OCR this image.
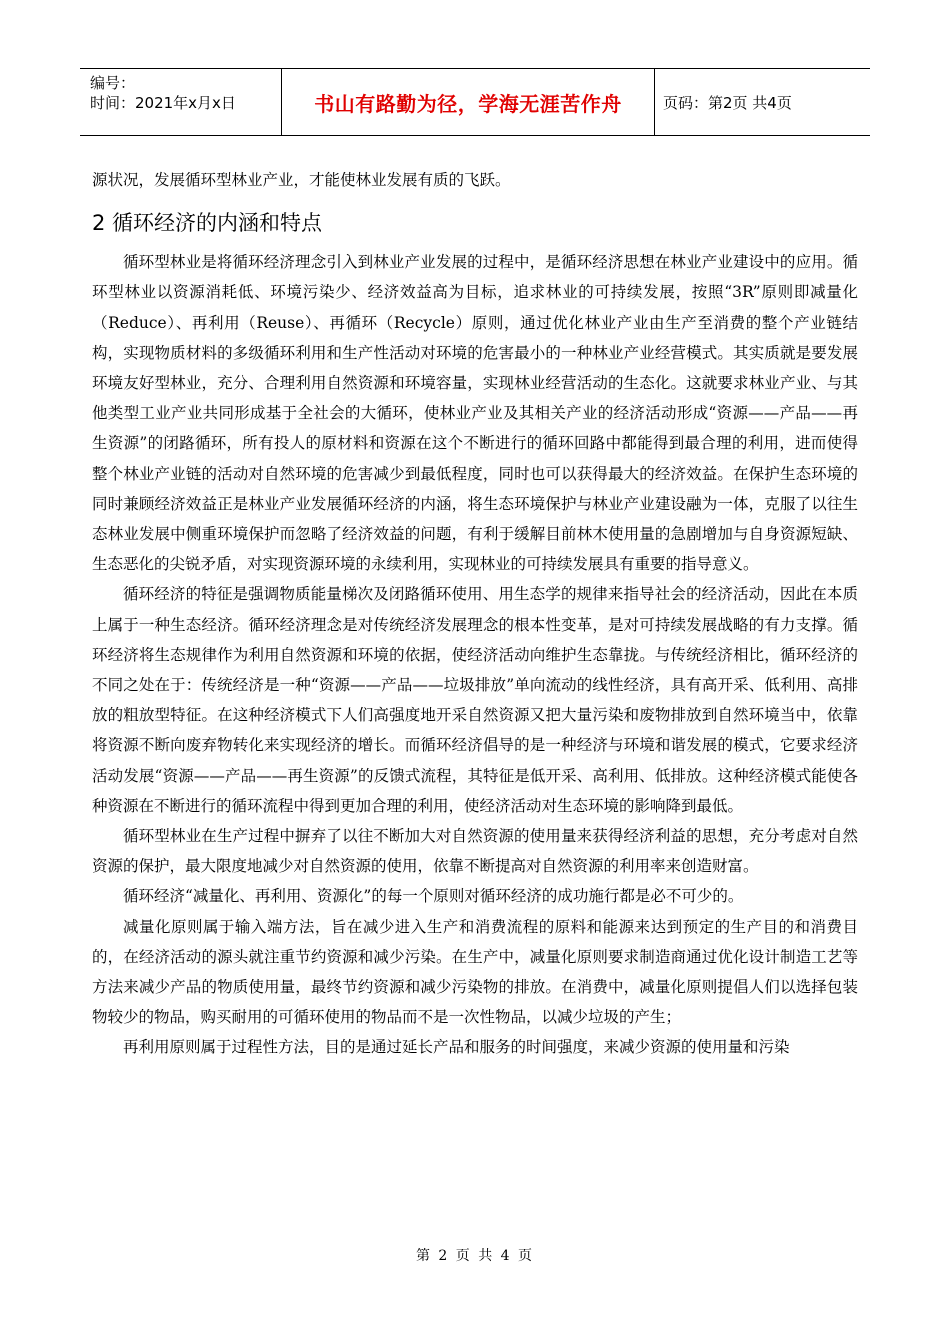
编号：
时间：2021年x月x日	书山有路勤为径，学海无涯苦作舟	页码：第2页 共4页

源状况，发展循环型林业产业，才能使林业发展有质的飞跃。

2 循环经济的内涵和特点

循环型林业是将循环经济理念引入到林业产业发展的过程中，是循环经济思想在林业产业建设中的应用。循环型林业以资源消耗低、环境污染少、经济效益高为目标，追求林业的可持续发展，按照“3R”原则即减量化（Reduce）、再利用（Reuse）、再循环（Recycle）原则，通过优化林业产业由生产至消费的整个产业链结构，实现物质材料的多级循环利用和生产性活动对环境的危害最小的一种林业产业经营模式。其实质就是要发展环境友好型林业，充分、合理利用自然资源和环境容量，实现林业经营活动的生态化。这就要求林业产业、与其他类型工业产业共同形成基于全社会的大循环，使林业产业及其相关产业的经济活动形成“资源——产品——再生资源”的闭路循环，所有投人的原材料和资源在这个不断进行的循环回路中都能得到最合理的利用，进而使得整个林业产业链的活动对自然环境的危害减少到最低程度，同时也可以获得最大的经济效益。在保护生态环境的同时兼顾经济效益正是林业产业发展循环经济的内涵，将生态环境保护与林业产业建设融为一体，克服了以往生态林业发展中侧重环境保护而忽略了经济效益的问题，有利于缓解目前林木使用量的急剧增加与自身资源短缺、生态恶化的尖锐矛盾，对实现资源环境的永续利用，实现林业的可持续发展具有重要的指导意义。

循环经济的特征是强调物质能量梯次及闭路循环使用、用生态学的规律来指导社会的经济活动，因此在本质上属于一种生态经济。循环经济理念是对传统经济发展理念的根本性变革，是对可持续发展战略的有力支撑。循环经济将生态规律作为利用自然资源和环境的依据，使经济活动向维护生态靠拢。与传统经济相比，循环经济的不同之处在于：传统经济是一种“资源——产品——垃圾排放”单向流动的线性经济，具有高开采、低利用、高排放的粗放型特征。在这种经济模式下人们高强度地开采自然资源又把大量污染和废物排放到自然环境当中，依靠将资源不断向废弃物转化来实现经济的增长。而循环经济倡导的是一种经济与环境和谐发展的模式，它要求经济活动发展“资源——产品——再生资源”的反馈式流程，其特征是低开采、高利用、低排放。这种经济模式能使各种资源在不断进行的循环流程中得到更加合理的利用，使经济活动对生态环境的影响降到最低。

循环型林业在生产过程中摒弃了以往不断加大对自然资源的使用量来获得经济利益的思想，充分考虑对自然资源的保护，最大限度地减少对自然资源的使用，依靠不断提高对自然资源的利用率来创造财富。

循环经济“减量化、再利用、资源化”的每一个原则对循环经济的成功施行都是必不可少的。

减量化原则属于输入端方法，旨在减少进入生产和消费流程的原料和能源来达到预定的生产目的和消费目的，在经济活动的源头就注重节约资源和减少污染。在生产中，减量化原则要求制造商通过优化设计制造工艺等方法来减少产品的物质使用量，最终节约资源和减少污染物的排放。在消费中，减量化原则提倡人们以选择包装物较少的物品，购买耐用的可循环使用的物品而不是一次性物品，以减少垃圾的产生；

再利用原则属于过程性方法，目的是通过延长产品和服务的时间强度，来减少资源的使用量和污染

第 2 页 共 4 页
